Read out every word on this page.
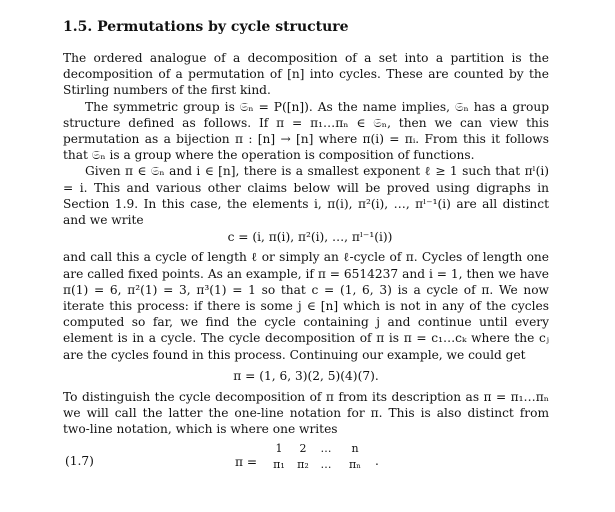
1.5. Permutations by cycle structure

The ordered analogue of a decomposition of a set into a partition is the decomposition of a permutation of [n] into cycles. These are counted by the Stirling numbers of the first kind.

The symmetric group is 𝔖ₙ = P([n]). As the name implies, 𝔖ₙ has a group structure defined as follows. If π = π₁…πₙ ∈ 𝔖ₙ, then we can view this permutation as a bijection π : [n] → [n] where π(i) = πᵢ. From this it follows that 𝔖ₙ is a group where the operation is composition of functions.

Given π ∈ 𝔖ₙ and i ∈ [n], there is a smallest exponent ℓ ≥ 1 such that πˡ(i) = i. This and various other claims below will be proved using digraphs in Section 1.9. In this case, the elements i, π(i), π²(i), …, πˡ⁻¹(i) are all distinct and we write

c = (i, π(i), π²(i), …, πˡ⁻¹(i))

and call this a cycle of length ℓ or simply an ℓ-cycle of π. Cycles of length one are called fixed points. As an example, if π = 6514237 and i = 1, then we have π(1) = 6, π²(1) = 3, π³(1) = 1 so that c = (1, 6, 3) is a cycle of π. We now iterate this process: if there is some j ∈ [n] which is not in any of the cycles computed so far, we find the cycle containing j and continue until every element is in a cycle. The cycle decomposition of π is π = c₁…cₖ where the cⱼ are the cycles found in this process. Continuing our example, we could get

π = (1, 6, 3)(2, 5)(4)(7).

To distinguish the cycle decomposition of π from its description as π = π₁…πₙ we will call the latter the one-line notation for π. This is also distinct from two-line notation, which is where one writes

(1.7)	π =
1	2	…	n
π₁	π₂	…	πₙ	.
